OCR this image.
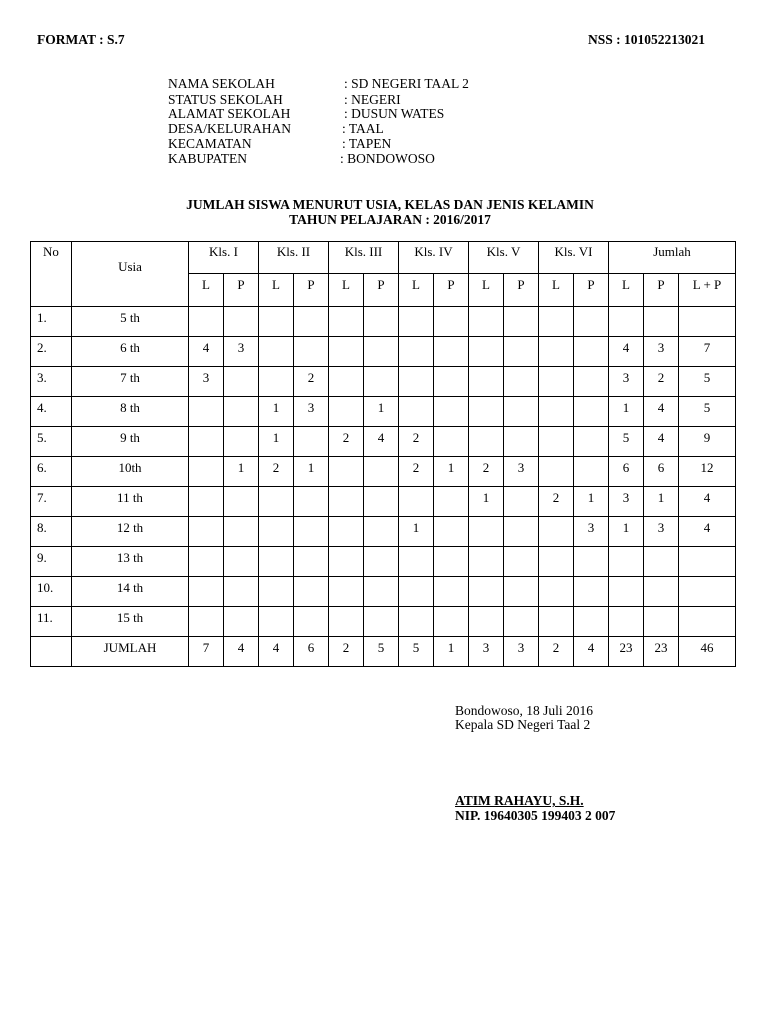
FORMAT : S.7	NSS : 101052213021
NAMA SEKOLAH	: SD NEGERI TAAL 2
STATUS SEKOLAH	: NEGERI
ALAMAT SEKOLAH	: DUSUN WATES
DESA/KELURAHAN	: TAAL
KECAMATAN	: TAPEN
KABUPATEN	: BONDOWOSO
JUMLAH SISWA MENURUT USIA, KELAS DAN JENIS KELAMIN
TAHUN PELAJARAN : 2016/2017
No	Usia	Kls. I		Kls. II		Kls. III		Kls. IV		Kls. V		Kls. VI		Jumlah		
		L	P	L	P	L	P	L	P	L	P	L	P	L	P	L + P
1.	5 th															
2.	6 th	4	3											4	3	7
3.	7 th	3			2									3	2	5
4.	8 th			1	3		1							1	4	5
5.	9 th			1		2	4	2						5	4	9
6.	10th		1	2	1			2	1	2	3			6	6	12
7.	11 th									1		2	1	3	1	4
8.	12 th							1					3	1	3	4
9.	13 th															
10.	14 th															
11.	15 th															
	JUMLAH	7	4	4	6	2	5	5	1	3	3	2	4	23	23	46
Bondowoso, 18 Juli 2016
Kepala SD Negeri Taal 2
ATIM RAHAYU, S.H.
NIP. 19640305 199403 2 007
